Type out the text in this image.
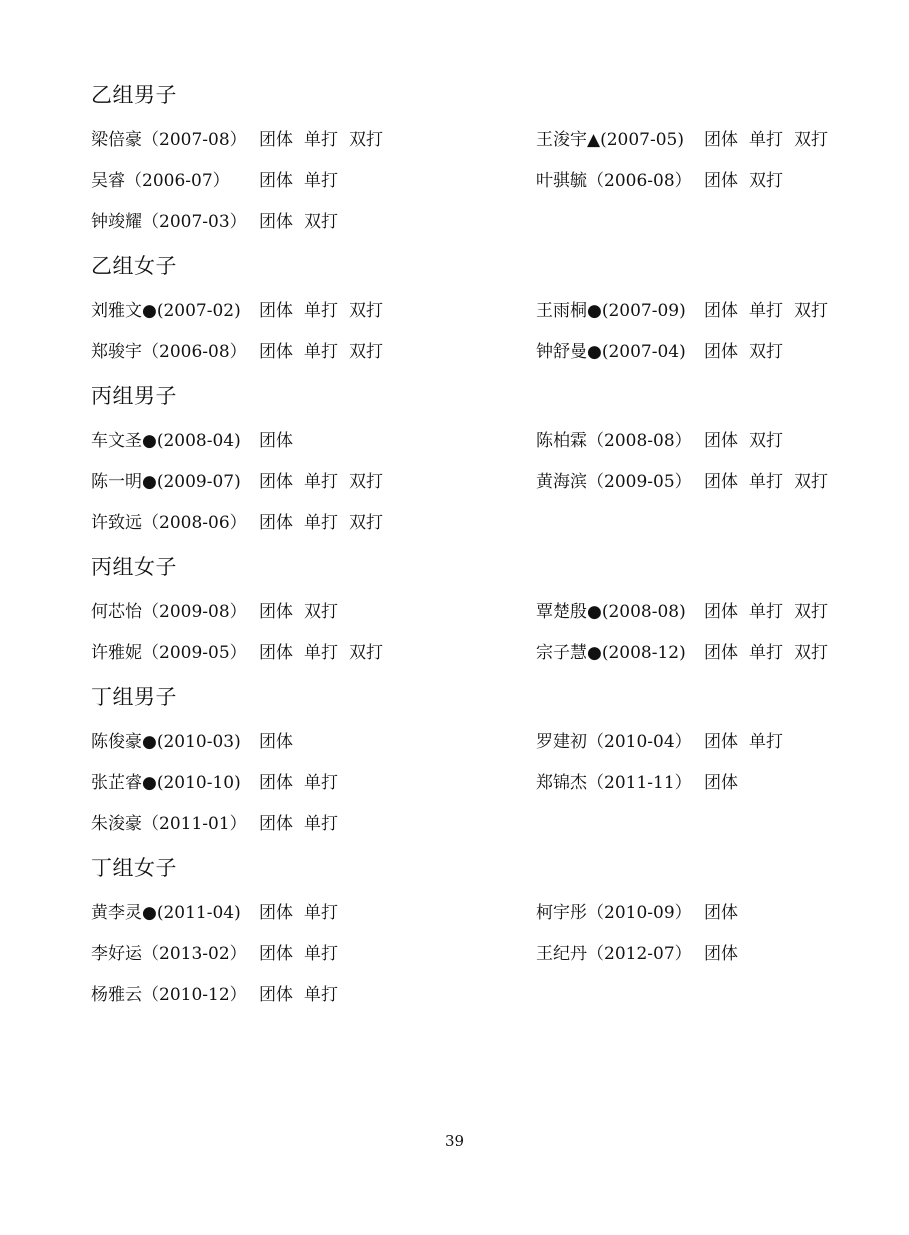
乙组男子
梁倍豪（2007-08） 团体 单打 双打	王浚宇▲(2007-05)	团体 单打 双打
吴睿（2006-07）	团体 单打	叶骐毓（2006-08） 团体 双打
钟竣耀（2007-03） 团体 双打
乙组女子
刘雅文●(2007-02)	团体 单打 双打	王雨桐●(2007-09)	团体 单打 双打
郑骏宇（2006-08） 团体 单打 双打	钟舒曼●(2007-04)	团体 双打
丙组男子
车文圣●(2008-04)	团体	陈柏霖（2008-08） 团体 双打
陈一明●(2009-07)	团体 单打 双打	黄海滨（2009-05） 团体 单打 双打
许致远（2008-06） 团体 单打 双打
丙组女子
何芯怡（2009-08） 团体 双打	覃楚殷●(2008-08)	团体 单打 双打
许雅妮（2009-05） 团体 单打 双打	宗子慧●(2008-12)	团体 单打 双打
丁组男子
陈俊豪●(2010-03)	团体	罗建初（2010-04） 团体 单打
张芷睿●(2010-10)	团体 单打	郑锦杰（2011-11） 团体
朱浚豪（2011-01） 团体 单打
丁组女子
黄李灵●(2011-04)	团体 单打	柯宇彤（2010-09） 团体
李好运（2013-02） 团体 单打	王纪丹（2012-07） 团体
杨雅云（2010-12） 团体 单打
39
